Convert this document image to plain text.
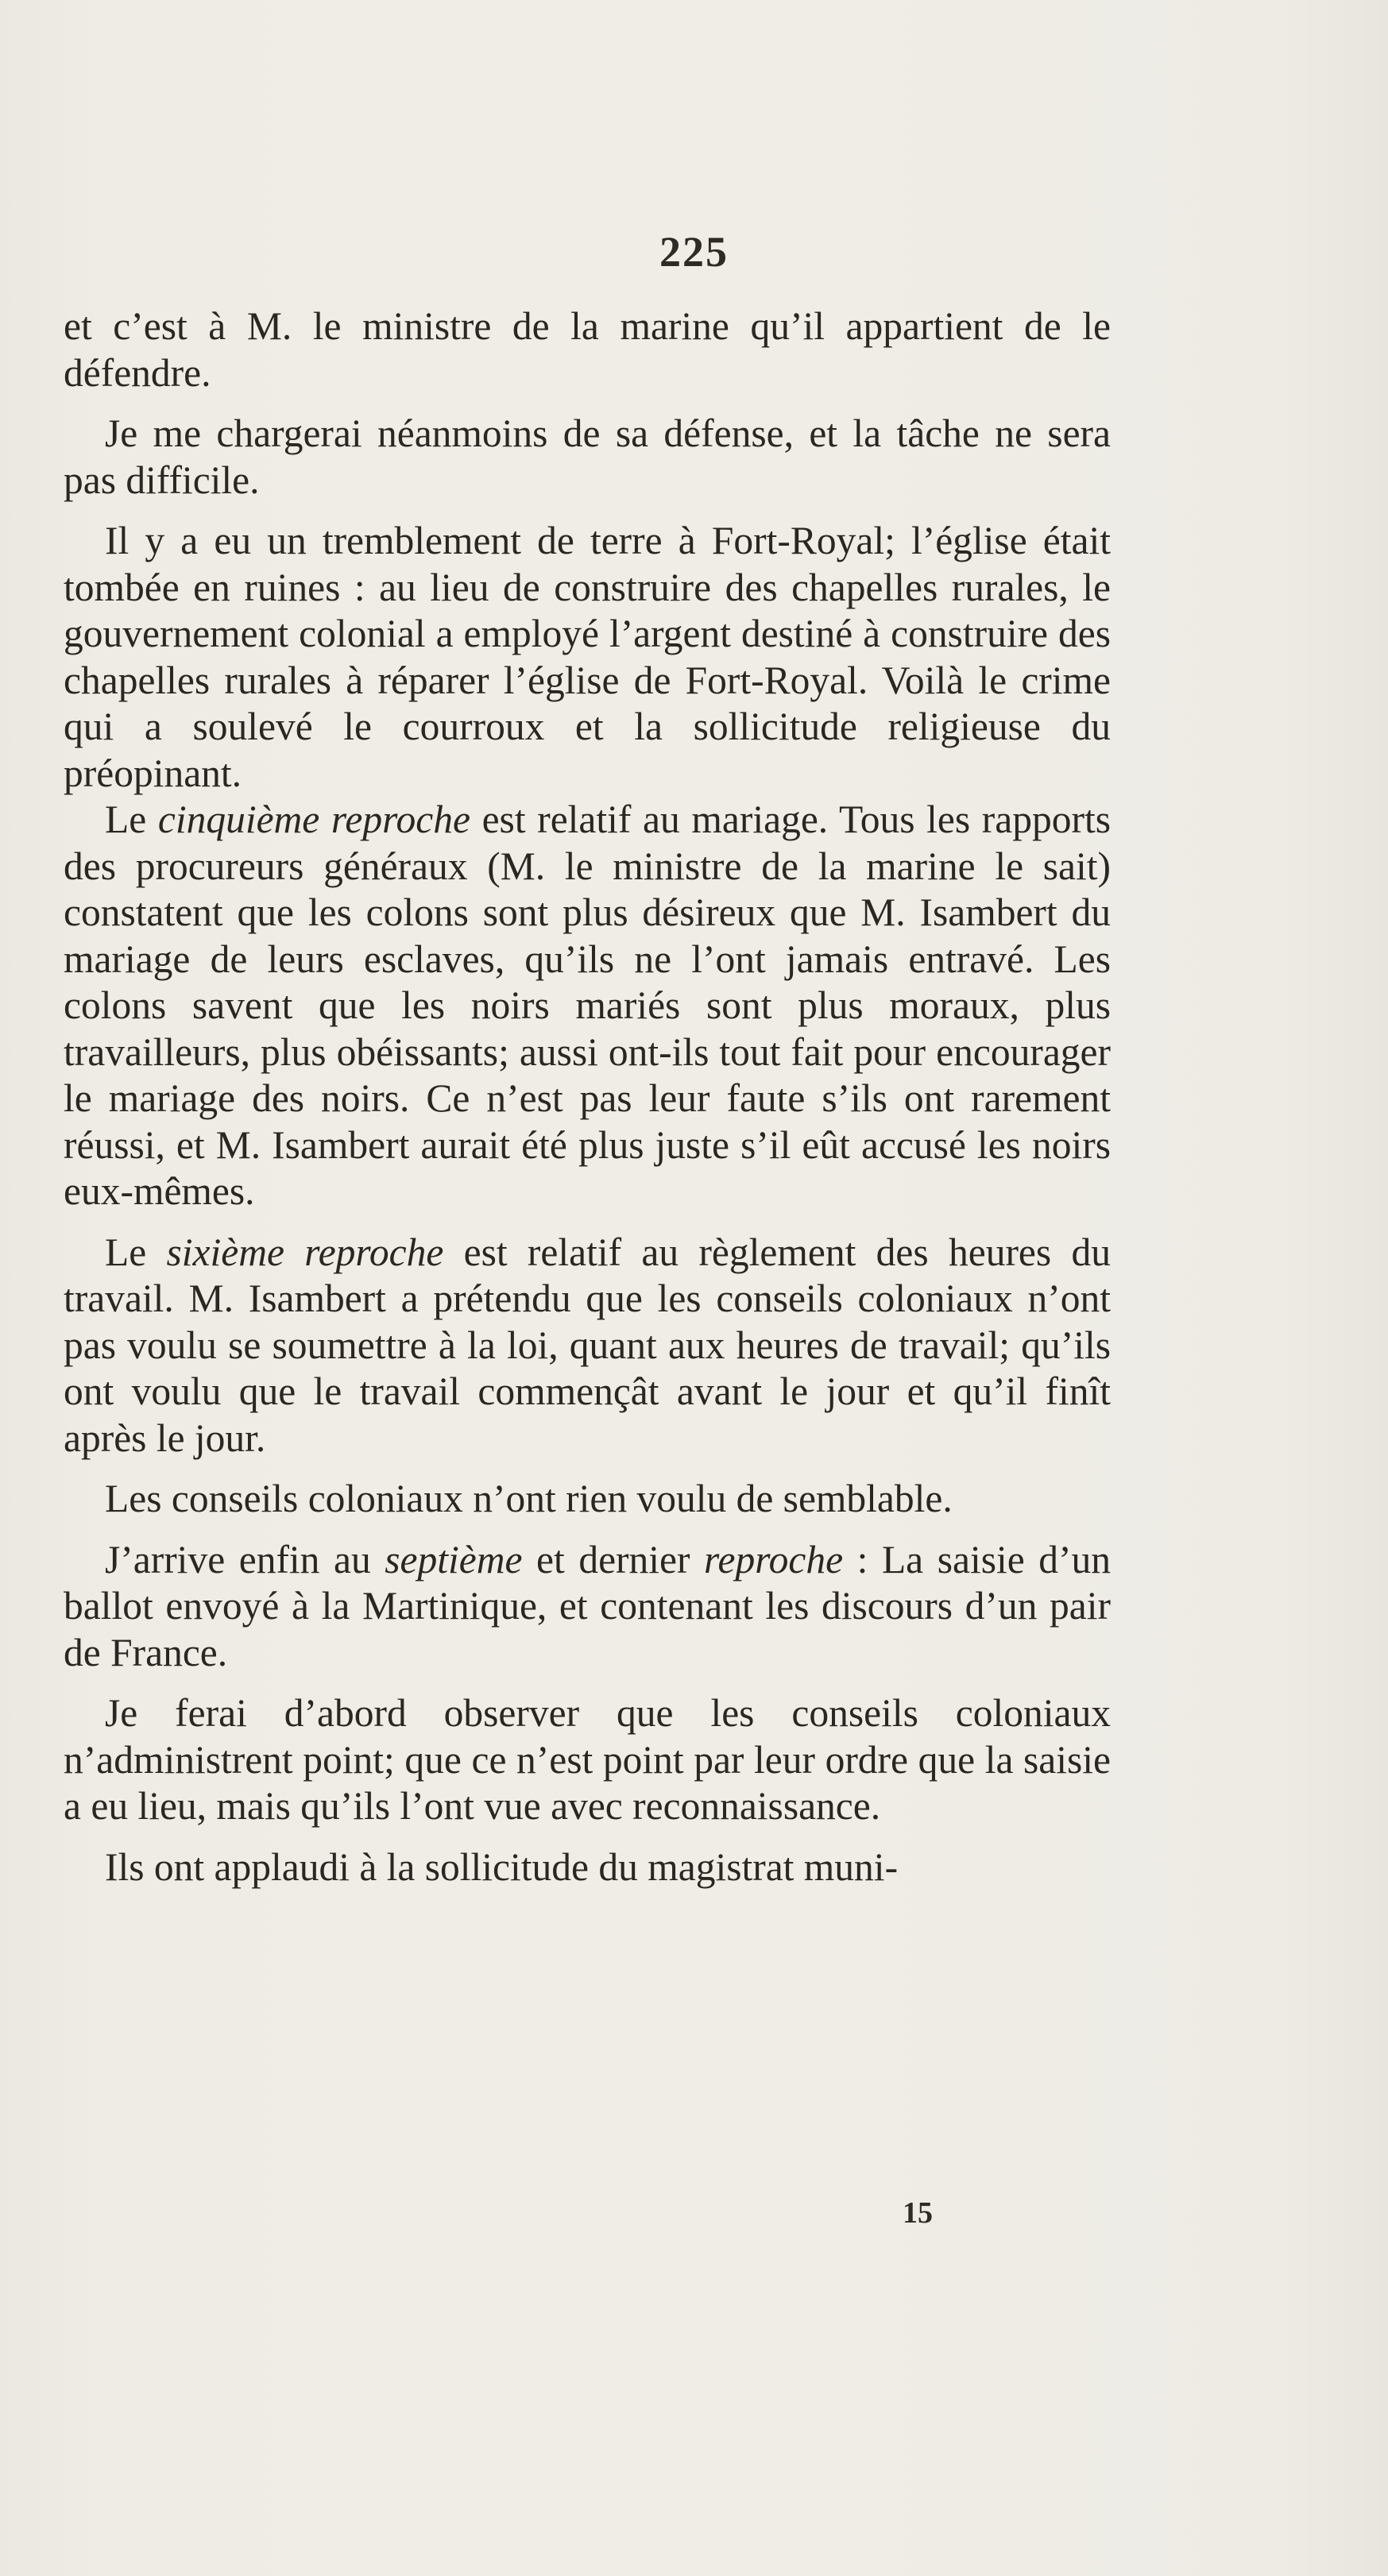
225

et c’est à M. le ministre de la marine qu’il appartient de le défendre.

Je me chargerai néanmoins de sa défense, et la tâche ne sera pas difficile.

Il y a eu un tremblement de terre à Fort-Royal; l’église était tombée en ruines : au lieu de construire des chapelles rurales, le gouvernement colonial a employé l’argent destiné à construire des chapelles rurales à réparer l’église de Fort-Royal. Voilà le crime qui a soulevé le courroux et la sollicitude religieuse du préopinant.

Le cinquième reproche est relatif au mariage. Tous les rapports des procureurs généraux (M. le ministre de la marine le sait) constatent que les colons sont plus désireux que M. Isambert du mariage de leurs esclaves, qu’ils ne l’ont jamais entravé. Les colons savent que les noirs mariés sont plus moraux, plus travailleurs, plus obéissants; aussi ont-ils tout fait pour encourager le mariage des noirs. Ce n’est pas leur faute s’ils ont rarement réussi, et M. Isambert aurait été plus juste s’il eût accusé les noirs eux-mêmes.

Le sixième reproche est relatif au règlement des heures du travail. M. Isambert a prétendu que les conseils coloniaux n’ont pas voulu se soumettre à la loi, quant aux heures de travail; qu’ils ont voulu que le travail commençât avant le jour et qu’il finît après le jour.

Les conseils coloniaux n’ont rien voulu de semblable.

J’arrive enfin au septième et dernier reproche : La saisie d’un ballot envoyé à la Martinique, et contenant les discours d’un pair de France.

Je ferai d’abord observer que les conseils coloniaux n’administrent point; que ce n’est point par leur ordre que la saisie a eu lieu, mais qu’ils l’ont vue avec reconnaissance.

Ils ont applaudi à la sollicitude du magistrat muni-

15
